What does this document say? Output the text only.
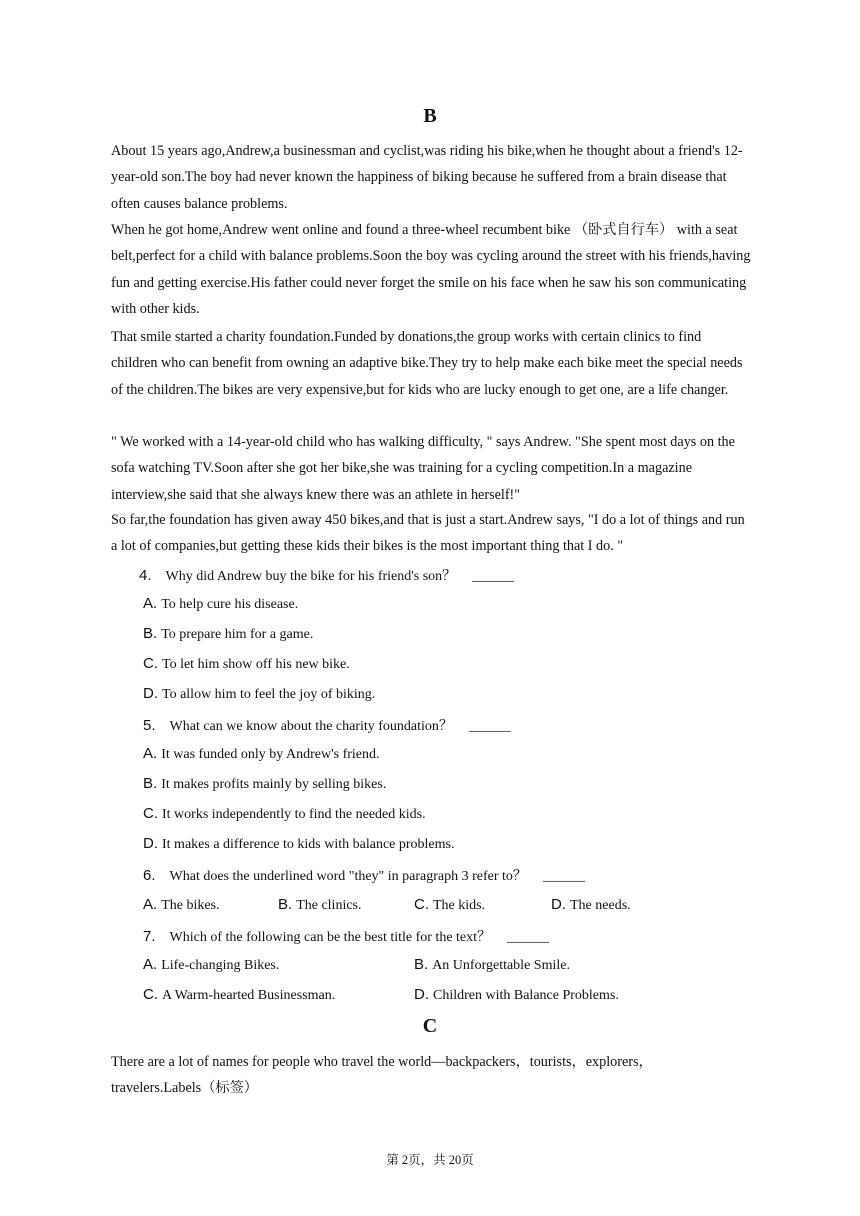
B
About 15 years ago,Andrew,a businessman and cyclist,was riding his bike,when he thought about a friend's 12-year-old son.The boy had never known the happiness of biking because he suffered from a brain disease that often causes balance problems.
When he got home,Andrew went online and found a three-wheel recumbent bike （卧式自行车） with a seat belt,perfect for a child with balance problems.Soon the boy was cycling around the street with his friends,having fun and getting exercise.His father could never forget the smile on his face when he saw his son communicating with other kids.
That smile started a charity foundation.Funded by donations,the group works with certain clinics to find children who can benefit from owning an adaptive bike.They try to help make each bike meet the special needs of the children.The bikes are very expensive,but for kids who are lucky enough to get one, are a life changer.
" We worked with a 14-year-old child who has walking difficulty, " says Andrew. "She spent most days on the sofa watching TV.Soon after she got her bike,she was training for a cycling competition.In a magazine interview,she said that she always knew there was an athlete in herself!"
So far,the foundation has given away 450 bikes,and that is just a start.Andrew says, "I do a lot of things and run a lot of companies,but getting these kids their bikes is the most important thing that I do. "
4. Why did Andrew buy the bike for his friend's son？ ______
A. To help cure his disease.
B. To prepare him for a game.
C. To let him show off his new bike.
D. To allow him to feel the joy of biking.
5. What can we know about the charity foundation？ ______
A. It was funded only by Andrew's friend.
B. It makes profits mainly by selling bikes.
C. It works independently to find the needed kids.
D. It makes a difference to kids with balance problems.
6. What does the underlined word "they" in paragraph 3 refer to？ ______
A. The bikes.	B. The clinics.	C. The kids.	D. The needs.
7. Which of the following can be the best title for the text？ ______
A. Life-changing Bikes.	B. An Unforgettable Smile.
C. A Warm-hearted Businessman.	D. Children with Balance Problems.
C
There are a lot of names for people who travel the world—backpackers，tourists，explorers，travelers.Labels（标签）
第 2页，共 20页
